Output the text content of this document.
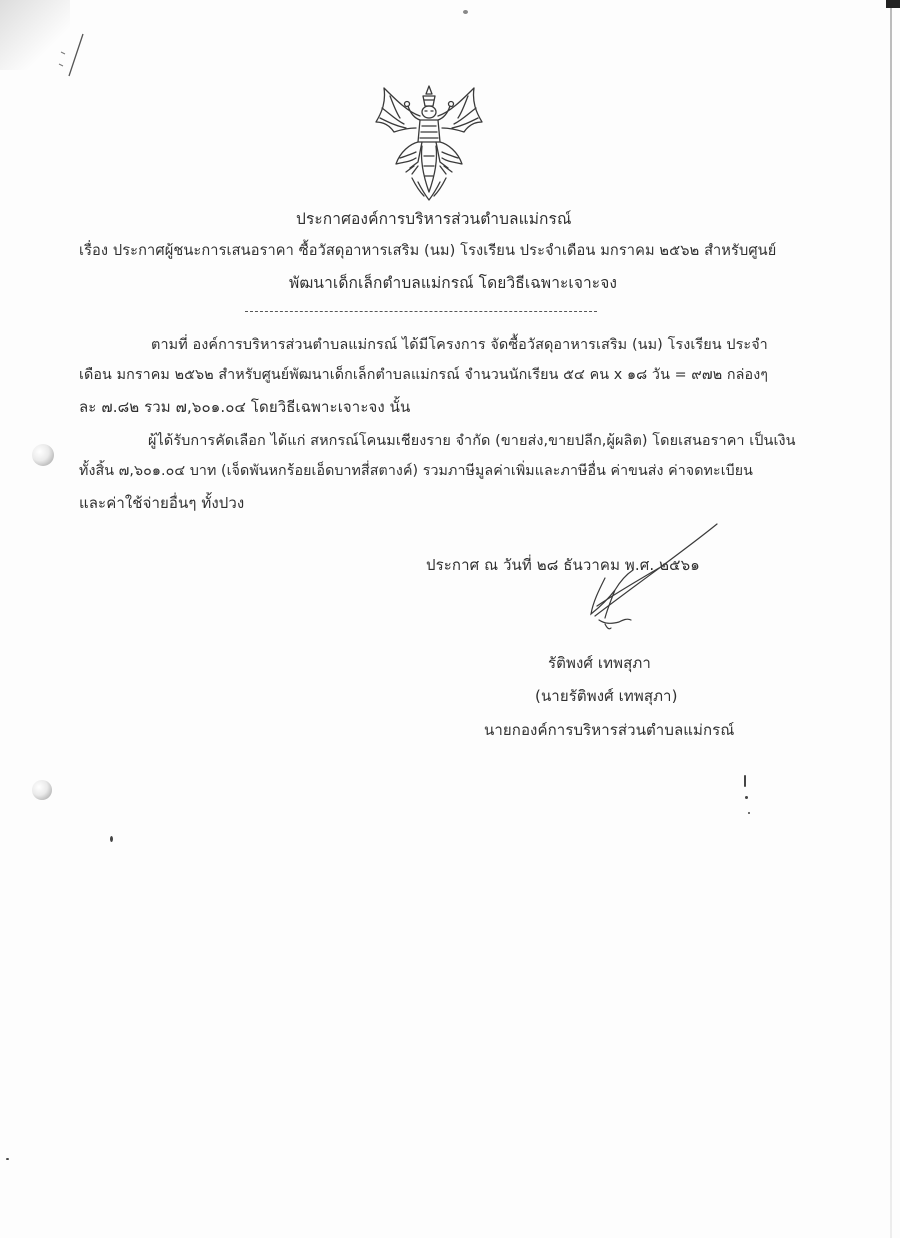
ประกาศองค์การบริหารส่วนตำบลแม่กรณ์
เรื่อง ประกาศผู้ชนะการเสนอราคา ซื้อวัสดุอาหารเสริม (นม) โรงเรียน ประจำเดือน มกราคม ๒๕๖๒ สำหรับศูนย์
พัฒนาเด็กเล็กตำบลแม่กรณ์ โดยวิธีเฉพาะเจาะจง
ตามที่ องค์การบริหารส่วนตำบลแม่กรณ์ ได้มีโครงการ จัดซื้อวัสดุอาหารเสริม (นม) โรงเรียน ประจำ
เดือน มกราคม ๒๕๖๒ สำหรับศูนย์พัฒนาเด็กเล็กตำบลแม่กรณ์ จำนวนนักเรียน ๕๔ คน x ๑๘ วัน = ๙๗๒ กล่องๆ
ละ ๗.๘๒ รวม ๗,๖๐๑.๐๔ โดยวิธีเฉพาะเจาะจง นั้น
ผู้ได้รับการคัดเลือก ได้แก่ สหกรณ์โคนมเชียงราย จำกัด (ขายส่ง,ขายปลีก,ผู้ผลิต) โดยเสนอราคา เป็นเงิน
ทั้งสิ้น ๗,๖๐๑.๐๔ บาท (เจ็ดพันหกร้อยเอ็ดบาทสี่สตางค์) รวมภาษีมูลค่าเพิ่มและภาษีอื่น ค่าขนส่ง ค่าจดทะเบียน
และค่าใช้จ่ายอื่นๆ ทั้งปวง
ประกาศ ณ วันที่ ๒๘ ธันวาคม พ.ศ. ๒๕๖๑
รัติพงศ์ เทพสุภา
(นายรัติพงศ์ เทพสุภา)
นายกองค์การบริหารส่วนตำบลแม่กรณ์
